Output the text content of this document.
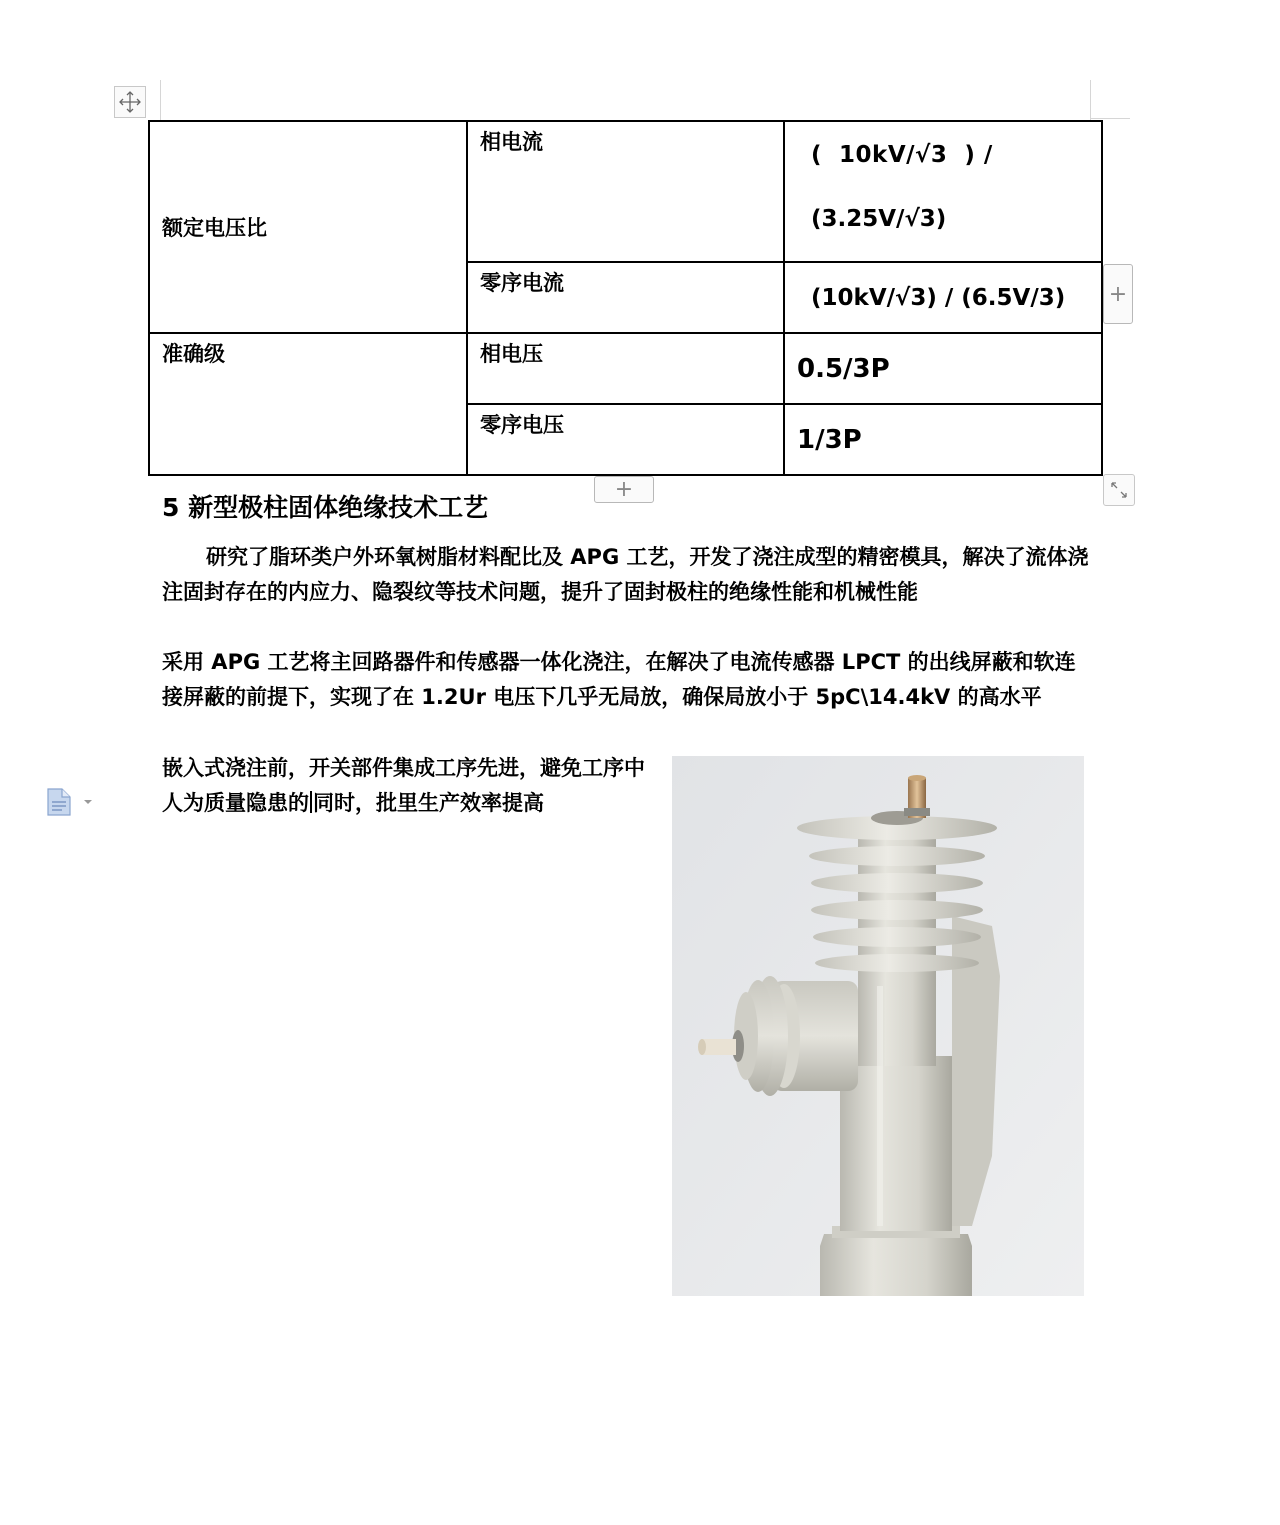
额定电压比	相电流	(  10kV/√3  ) /
(3.25V/√3)

	零序电流	(10kV/√3) / (6.5V/3)

准确级	相电压	0.5/3P

	零序电压	1/3P
+
+
5 新型极柱固体绝缘技术工艺

研究了脂环类户外环氧树脂材料配比及 APG 工艺，开发了浇注成型的精密模具，解决了流体浇注固封存在的内应力、隐裂纹等技术问题，提升了固封极柱的绝缘性能和机械性能

采用 APG 工艺将主回路器件和传感器一体化浇注，在解决了电流传感器 LPCT 的出线屏蔽和软连接屏蔽的前提下，实现了在 1.2Ur 电压下几乎无局放，确保局放小于 5pC\14.4kV 的高水平

嵌入式浇注前，开关部件集成工序先进，避免工序中人为质量隐患的 同时，批里生产效率提高
